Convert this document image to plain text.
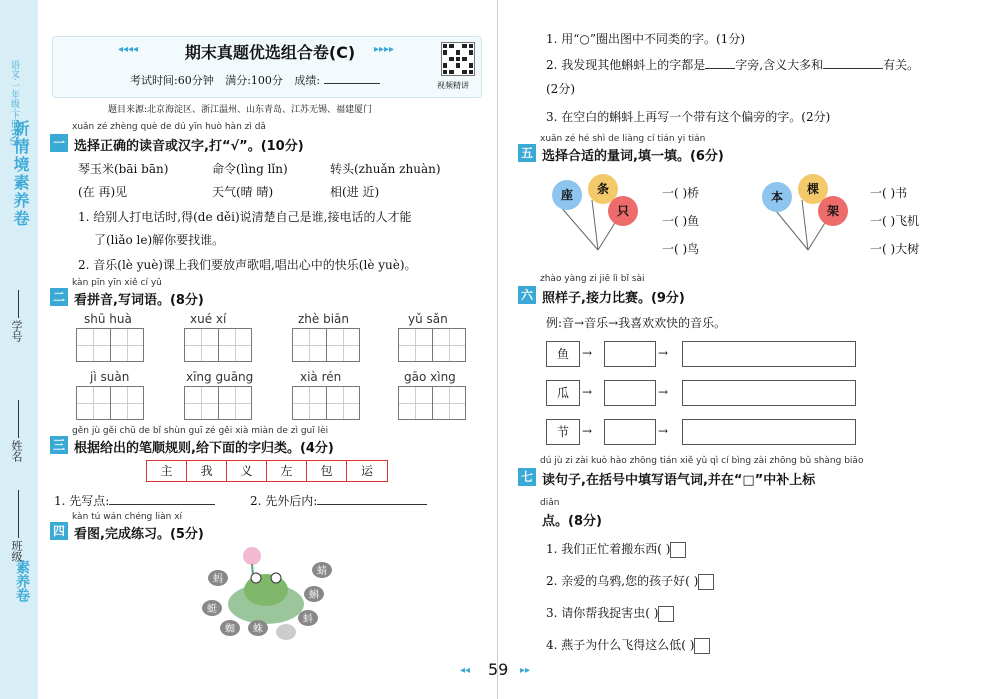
新情境素养卷
语文·一年级·下册(RJ)
学号
姓名
班级
素养卷
◂◂◂◂	期末真题优选组合卷(C)	▸▸▸▸
考试时间:60分钟 满分:100分 成绩:	视频精讲
题目来源:北京海淀区、浙江温州、山东青岛、江苏无锡、福建厦门
xuǎn zé zhèng què de dú yīn huò hàn zì dǎ
一 选择正确的读音或汉字,打“√”。(10分)
琴玉米(bāi bān)	命令(lìng lǐn)	转头(zhuǎn zhuàn)
(在 再)见	天气(晴 晴)	相(进 近)
1. 给别人打电话时,得(de děi)说清楚自己是谁,接电话的人才能
了(liǎo le)解你要找谁。
2. 音乐(lè yuè)课上我们要放声歌唱,唱出心中的快乐(lè yuè)。
kàn pīn yīn xiě cí yǔ
二 看拼音,写词语。(8分)
shū huà	xué xí	zhè biān	yǔ sǎn
jì suàn	xīng guāng	xià rén	gāo xìng
gěn jù gěi chū de bǐ shùn guī zé gěi xià miàn de zì guī lèi
三 根据给出的笔顺规则,给下面的字归类。(4分)
主	我	义	左	包	运
1. 先写点:	2. 先外后内:
kàn tú wán chéng liàn xí
四 看图,完成练习。(5分)
蚂
蝌
蜓
蚪
蜘 蛛
蜻
1. 用“○”圈出图中不同类的字。(1分)
2. 我发现其他蝌蚪上的字都是	字旁,含义大多和	有关。
(2分)
3. 在空白的蝌蚪上再写一个带有这个偏旁的字。(2分)
xuǎn zé hé shì de liàng cí tián yi tián
五 选择合适的量词,填一填。(6分)
座	条
只
一( )桥
一( )鱼
一( )鸟
本
棵
架
一( )书
一( )飞机
一( )大树
zhào yàng zi jiē lì bǐ sài
六 照样子,接力比赛。(9分)
例:音→音乐→我喜欢欢快的音乐。
鱼	→	→
瓜	→	→
节	→	→
dú jù zi zài kuò hào zhōng tián xiě yǔ qì cí bìng zài zhōng bǔ shàng biāo
七 读句子,在括号中填写语气词,并在“□”中补上标
diǎn
点。(8分)
1. 我们正忙着搬东西( )
2. 亲爱的乌鸦,您的孩子好( )
3. 请你帮我捉害虫( )
4. 燕子为什么飞得这么低( )
◂◂ 59 ▸▸
